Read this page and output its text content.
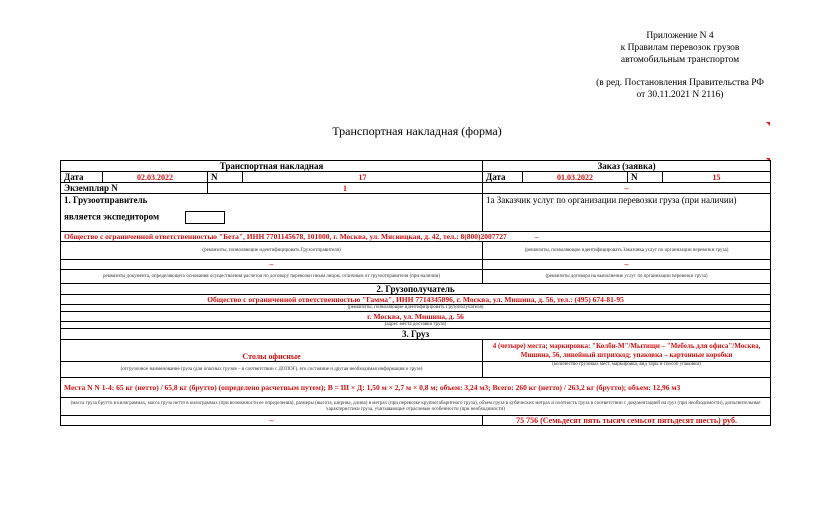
Приложение N 4
к Правилам перевозок грузов
автомобильным транспортом
(в ред. Постановления Правительства РФ
от 30.11.2021 N 2116)
Транспортная накладная (форма)
Транспортная накладная				Заказ (заявка)			
Дата	02.03.2022	N	17	Дата	01.03.2022	N	15
Экземпляр N		1		–			

1. Грузоотправитель
является экспедитором				1а Заказчик услуг по организации перевозки груза (при наличии)			
Общество с ограниченной ответственностью "Бета", ИНН 7701145678, 101000, г. Москва, ул. Мясницкая, д. 42, тел.: 8(800)2007727 –							
(реквизиты, позволяющие идентифицировать Грузоотправителя)				(реквизиты, позволяющие идентифицировать Заказчика услуг по организации перевозки груза)			
–				–			
реквизиты документа, определяющего основания осуществления расчетов по договору перевозки иным лицом, отличным от грузоотправителя (при наличии)				(реквизиты договора на выполнение услуг по организации перевозки груза)			
2. Грузополучатель							
Общество с ограниченной ответственностью "Гамма", ИНН 7714345896, г. Москва, ул. Мишина, д. 56, тел.: (495) 674-81-95							
(реквизиты, позволяющие идентифицировать Грузополучателя)							
г. Москва, ул. Мишина, д. 56							
(адрес места доставки груза)							
3. Груз							
Столы офисные				4 (четыре) места; маркировка: "Колби-М"/Мытищи – "Мебель для офиса"/Москва, Мишина, 56, линейный штрихкод; упаковка – картонные коробки			
(отгрузочное наименование груза (для опасных грузов – в соответствии с ДОПОГ), его состояние и другая необходимая информация о грузе)				(количество грузовых мест, маркировка, вид тары и способ упаковки)			
Места N N 1-4: 65 кг (нетто) / 65,8 кг (брутто) (определено расчетным путем); В = Ш × Д: 1,50 м × 2,7 м × 0,8 м; объем: 3,24 м3; Всего: 260 кг (нетто) / 263,2 кг (брутто); объем: 12,96 м3							
(масса груза брутто в килограммах, масса груза нетто в килограммах (при возможности ее определения), размеры (высота, ширина, длина) в метрах (при перевозке крупногабаритного груза), объем груза в кубических метрах и плотность груза в соответствии с документацией на груз (при необходимости), дополнительные характеристики груза, учитывающие отраслевые особенности (при необходимости)							
–				75 756 (Семьдесят пять тысяч семьсот пятьдесят шесть) руб.			
